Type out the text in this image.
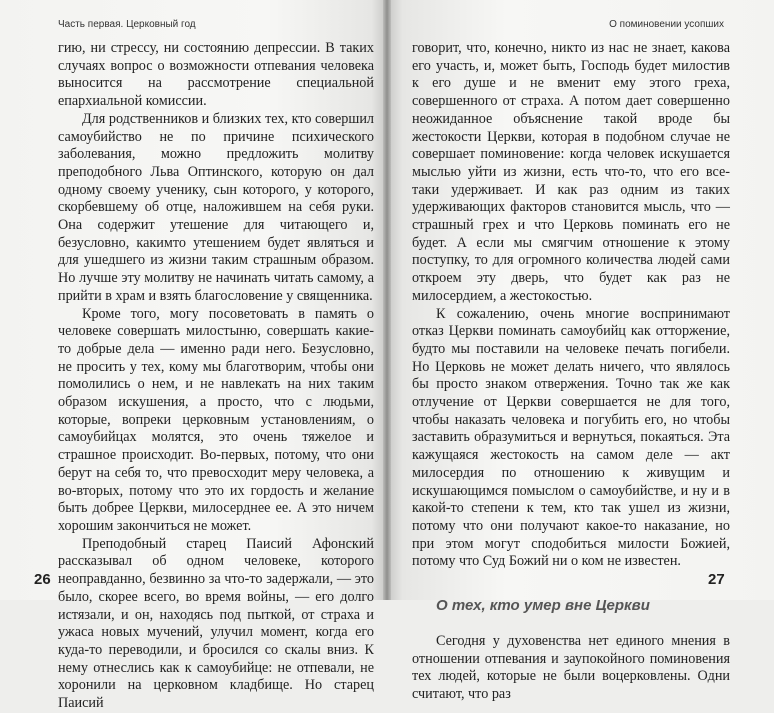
Часть первая. Церковный год

гию, ни стрессу, ни состоянию депрессии. В таких случаях вопрос о возможности отпевания человека выносится на рассмотрение специальной епархиальной комиссии.

Для родственников и близких тех, кто совершил самоубийство не по причине психического заболевания, можно предложить молитву преподобного Льва Оптинского, которую он дал одному своему ученику, сын которого, у которого, скорбевшему об отце, наложившем на себя руки. Она содержит утешение для читающего и, безусловно, какимто утешением будет являться и для ушедшего из жизни таким страшным образом. Но лучше эту молитву не начинать читать самому, а прийти в храм и взять благословение у священника.

Кроме того, могу посоветовать в память о человеке совершать милостыню, совершать какие-то добрые дела — именно ради него. Безусловно, не просить у тех, кому мы благотворим, чтобы они помолились о нем, и не навлекать на них таким образом искушения, а просто, что с людьми, которые, вопреки церковным установлениям, о самоубийцах молятся, это очень тяжелое и страшное происходит. Во-первых, потому, что они берут на себя то, что превосходит меру человека, а во-вторых, потому что это их гордость и желание быть добрее Церкви, милосерднее ее. А это ничем хорошим закончиться не может.

Преподобный старец Паисий Афонский рассказывал об одном человеке, которого неоправданно, безвинно за что-то задержали, — это было, скорее всего, во время войны, — его долго истязали, и он, находясь под пыткой, от страха и ужаса новых мучений, улучил момент, когда его куда-то переводили, и бросился со скалы вниз. К нему отнеслись как к самоубийце: не отпевали, не хоронили на церковном кладбище. Но старец Паисий

26
О поминовении усопших

говорит, что, конечно, никто из нас не знает, какова его участь, и, может быть, Господь будет милостив к его душе и не вменит ему этого греха, совершенного от страха. А потом дает совершенно неожиданное объяснение такой вроде бы жестокости Церкви, которая в подобном случае не совершает поминовение: когда человек искушается мыслью уйти из жизни, есть что-то, что его все-таки удерживает. И как раз одним из таких удерживающих факторов становится мысль, что — страшный грех и что Церковь поминать его не будет. А если мы смягчим отношение к этому поступку, то для огромного количества людей сами откроем эту дверь, что будет как раз не милосердием, а жестокостью.

К сожалению, очень многие воспринимают отказ Церкви поминать самоубийц как отторжение, будто мы поставили на человеке печать погибели. Но Церковь не может делать ничего, что являлось бы просто знаком отвержения. Точно так же как отлучение от Церкви совершается не для того, чтобы наказать человека и погубить его, но чтобы заставить образумиться и вернуться, покаяться. Эта кажущаяся жестокость на самом деле — акт милосердия по отношению к живущим и искушающимся помыслом о самоубийстве, и ну и в какой-то степени к тем, кто так ушел из жизни, потому что они получают какое-то наказание, но при этом могут сподобиться милости Божией, потому что Суд Божий ни о ком не известен.

О тех, кто умер вне Церкви

Сегодня у духовенства нет единого мнения в отношении отпевания и заупокойного поминовения тех людей, которые не были воцерковлены. Одни считают, что раз

27
